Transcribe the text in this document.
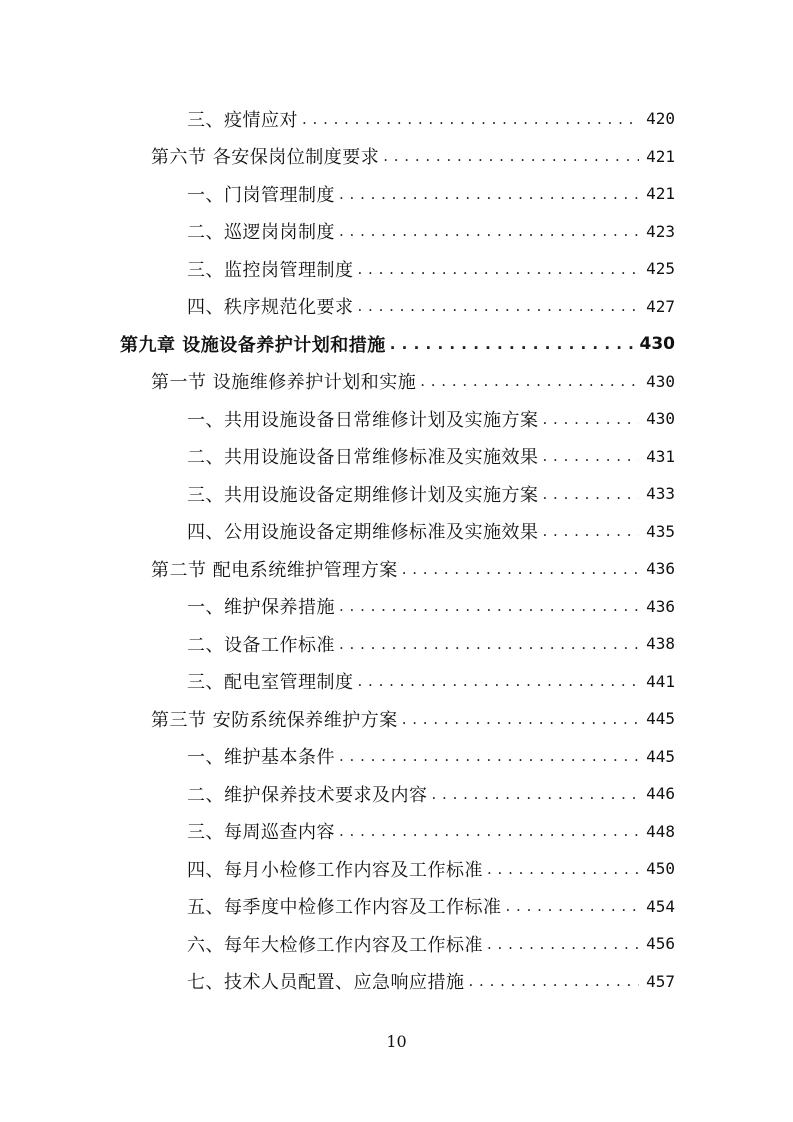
三、疫情应对 . . .	420
第六节 各安保岗位制度要求 . . .	421
一、门岗管理制度 . . .	421
二、巡逻岗岗制度 . . .	423
三、监控岗管理制度 . . .	425
四、秩序规范化要求 . . .	427
第九章 设施设备养护计划和措施 . . .	430
第一节 设施维修养护计划和实施 . . .	430
一、共用设施设备日常维修计划及实施方案 . . .	430
二、共用设施设备日常维修标准及实施效果 . . .	431
三、共用设施设备定期维修计划及实施方案 . . .	433
四、公用设施设备定期维修标准及实施效果 . . .	435
第二节 配电系统维护管理方案 . . .	436
一、维护保养措施 . . .	436
二、设备工作标准 . . .	438
三、配电室管理制度 . . .	441
第三节 安防系统保养维护方案 . . .	445
一、维护基本条件 . . .	445
二、维护保养技术要求及内容 . . .	446
三、每周巡查内容 . . .	448
四、每月小检修工作内容及工作标准 . . .	450
五、每季度中检修工作内容及工作标准 . . .	454
六、每年大检修工作内容及工作标准 . . .	456
七、技术人员配置、应急响应措施 . . .	457
10
